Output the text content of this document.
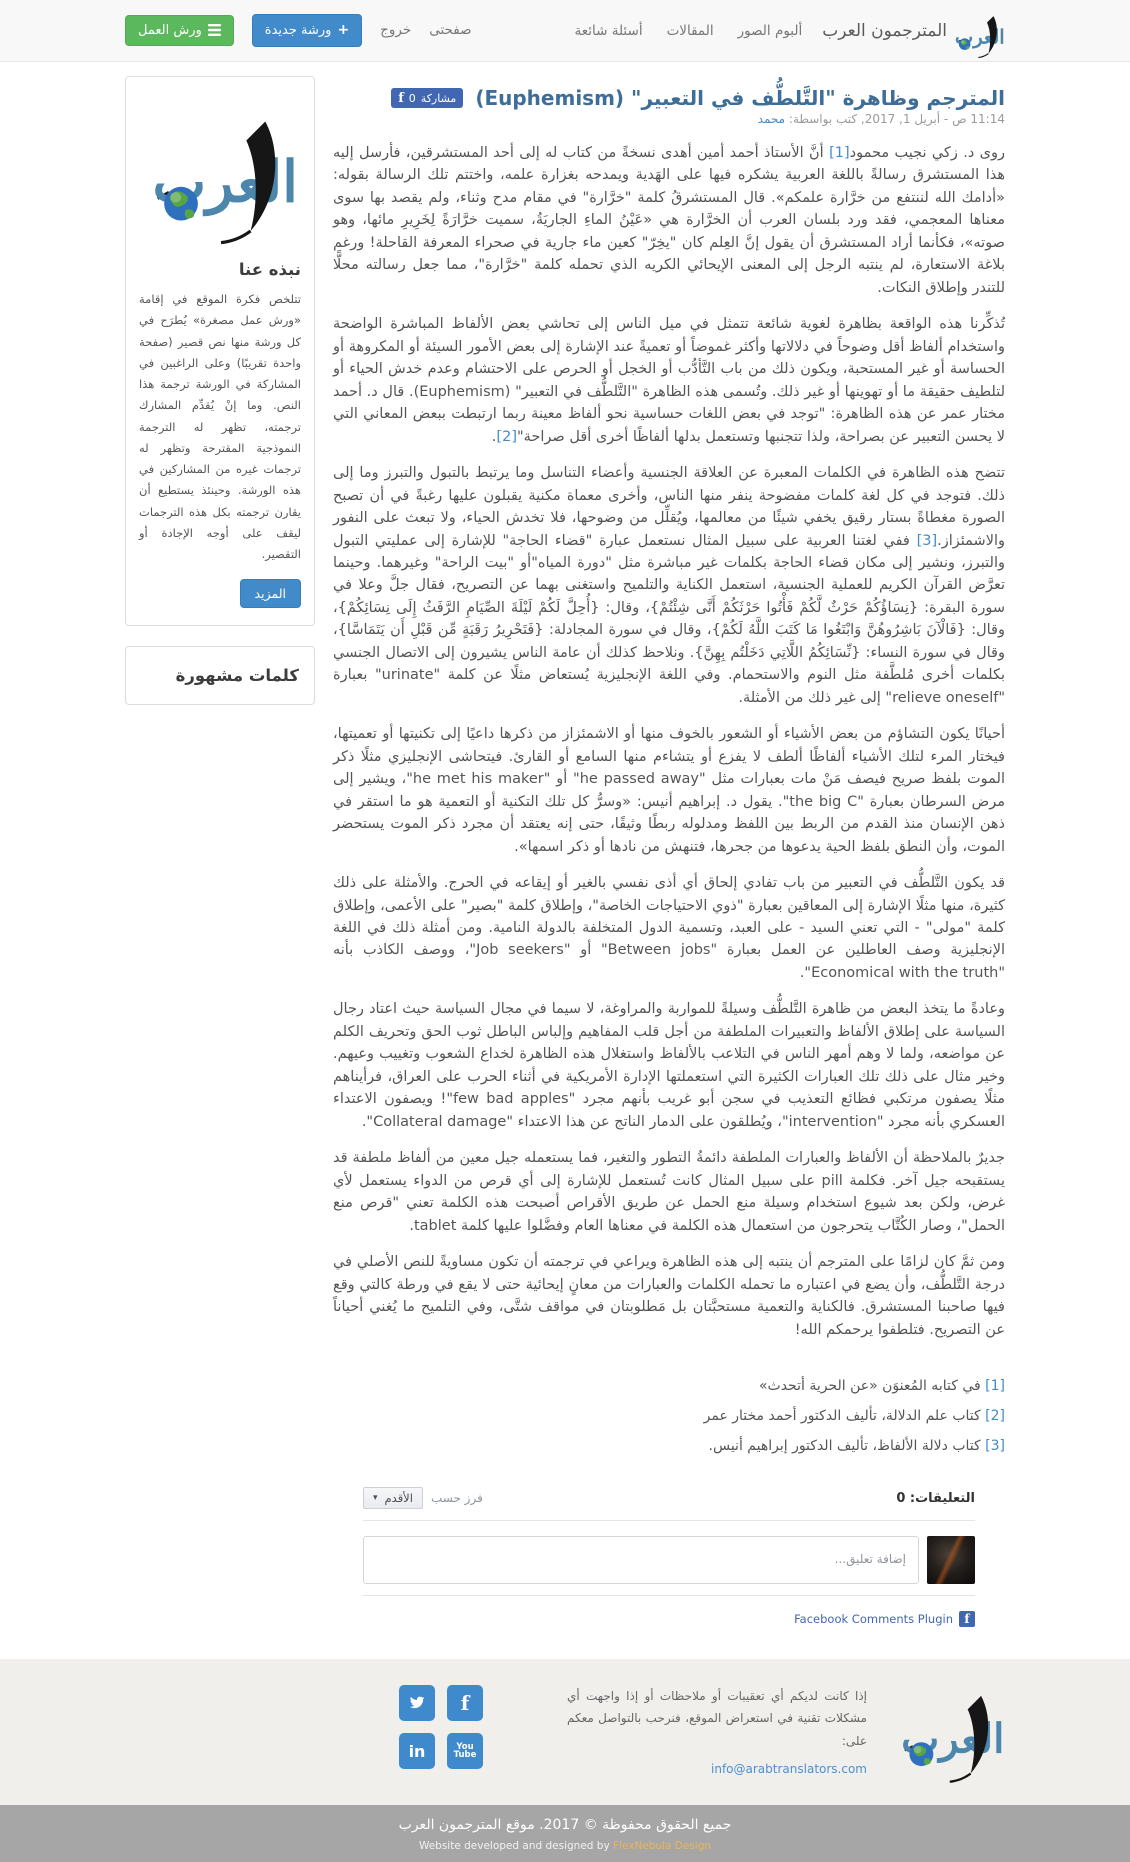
المترجمون العرب
ألبوم الصور
المقالات
أسئلة شائعة
صفحتى
خروج
+
ورشة جديدة
ورش العمل
المترجم وظاهرة "التَّلطُّف في التعبير" (Euphemism)
مشاركة
0
f
11:14 ص - أبريل 1, 2017, كتب بواسطة: محمد

روى د. زكي نجيب محمود[1] أنَّ الأستاذ أحمد أمين أهدى نسخةً من كتاب له إلى أحد المستشرقين، فأرسل إليه هذا المستشرق رسالةً باللغة العربية يشكره فيها على الهَدية ويمدحه بغزارة علمه، واختتم تلك الرسالة بقوله: «أدامك الله لننتفع من خرَّارة علمكم». قال المستشرقُ كلمة "خرَّارة" في مقام مدح وثناء، ولم يقصد بها سوى معناها المعجمي، فقد ورد بلسان العرب أن الخرَّارة هي «عَيْنُ الماءِ الجاريَةُ، سميت خرَّارَةً لِخَرِيرِ مائها، وهو صوته»، فكأنما أراد المستشرق أن يقول إنَّ العِلم كان "يخِرّ" كعين ماء جارية في صحراء المعرفة القاحلة! ورغم بلاغة الاستعارة، لم ينتبه الرجل إلى المعنى الإيحائي الكريه الذي تحمله كلمة "خرَّارة"، مما جعل رسالته محلًّا للتندر وإطلاق النكات.

تُذكِّرنا هذه الواقعة بظاهرة لغوية شائعة تتمثل في ميل الناس إلى تحاشي بعض الألفاظ المباشرة الواضحة واستخدام ألفاظ أقل وضوحاً في دلالاتها وأكثر غموضاً أو تعميةً عند الإشارة إلى بعض الأمور السيئة أو المكروهة أو الحساسة أو غير المستحبة، ويكون ذلك من باب التَّأدُّب أو الخجل أو الحرص على الاحتشام وعدم خدش الحياء أو لتلطيف حقيقة ما أو تهوينها أو غير ذلك. وتُسمى هذه الظاهرة "التَّلطُّف في التعبير" (Euphemism). قال د. أحمد مختار عمر عن هذه الظاهرة: "توجد في بعض اللغات حساسية نحو ألفاظ معينة ربما ارتبطت ببعض المعاني التي لا يحسن التعبير عن بصراحة، ولذا تتجنبها وتستعمل بدلها ألفاظًا أخرى أقل صراحة"[2].

تتضح هذه الظاهرة في الكلمات المعبرة عن العلاقة الجنسية وأعضاء التناسل وما يرتبط بالتبول والتبرز وما إلى ذلك. فتوجد في كل لغة كلمات مفضوحة ينفر منها الناس، وأخرى معماة مكنية يقبلون عليها رغبةً في أن تصبح الصورة مغطاةً بستار رقيق يخفي شيئًا من معالمها، ويُقلِّل من وضوحها، فلا تخدش الحياء، ولا تبعث على النفور والاشمئزاز.[3] ففي لغتنا العربية على سبيل المثال نستعمل عبارة "قضاء الحاجة" للإشارة إلى عمليتي التبول والتبرز، ونشير إلى مكان قضاء الحاجة بكلمات غير مباشرة مثل "دورة المياه"أو "بيت الراحة" وغيرهما. وحينما تعرَّض القرآن الكريم للعملية الجنسية، استعمل الكناية والتلميح واستغنى بهما عن التصريح، فقال جلَّ وعلا في سورة البقرة: {نِسَاؤُكُمْ حَرْثٌ لَّكُمْ فَأْتُوا حَرْثَكُمْ أَنَّى شِئْتُمْ}، وقال: {أُحِلَّ لَكُمْ لَيْلَةَ الصِّيَامِ الرَّفَثُ إِلَى نِسَائِكُمْ}، وقال: {فَالْآنَ بَاشِرُوهُنَّ وَابْتَغُوا مَا كَتَبَ اللَّهُ لَكُمْ}، وقال في سورة المجادلة: {فَتَحْرِيرُ رَقَبَةٍ مِّن قَبْلِ أَن يَتَمَاسَّا}، وقال في سورة النساء: {نِّسَائِكُمُ اللَّاتِي دَخَلْتُم بِهِنَّ}. ونلاحظ كذلك أن عامة الناس يشيرون إلى الاتصال الجنسي بكلمات أخرى مُلطَّفة مثل النوم والاستحمام. وفي اللغة الإنجليزية يُستعاض مثلًا عن كلمة "urinate" بعبارة "relieve oneself" إلى غير ذلك من الأمثلة.

أحيانًا يكون التشاؤم من بعض الأشياء أو الشعور بالخوف منها أو الاشمئزاز من ذكرها داعيًا إلى تكنيتها أو تعميتها، فيختار المرء لتلك الأشياء ألفاظًا ألطف لا يفزع أو يتشاءم منها السامع أو القارئ. فيتحاشى الإنجليزي مثلًا ذكر الموت بلفظ صريح فيصف مَنْ مات بعبارات مثل "he passed away" أو "he met his maker"، ويشير إلى مرض السرطان بعبارة "the big C". يقول د. إبراهيم أنيس: «وسرُّ كل تلك التكنية أو التعمية هو ما استقر في ذهن الإنسان منذ القدم من الربط بين اللفظ ومدلوله ربطًا وثيقًا، حتى إنه يعتقد أن مجرد ذكر الموت يستحضر الموت، وأن النطق بلفظ الحية يدعوها من جحرها، فتنهش من نادها أو ذكر اسمها».

قد يكون التَّلطُّف في التعبير من باب تفادي إلحاق أي أذى نفسي بالغير أو إيقاعه في الحرج. والأمثلة على ذلك كثيرة، منها مثلًا الإشارة إلى المعاقين بعبارة "ذوي الاحتياجات الخاصة"، وإطلاق كلمة "بصير" على الأعمى، وإطلاق كلمة "مولى" - التي تعني السيد - على العبد، وتسمية الدول المتخلفة بالدولة النامية. ومن أمثلة ذلك في اللغة الإنجليزية وصف العاطلين عن العمل بعبارة "Between jobs" أو "Job seekers"، ووصف الكاذب بأنه "Economical with the truth".

وعادةً ما يتخذ البعض من ظاهرة التَّلطُّف وسيلةً للمواربة والمراوغة، لا سيما في مجال السياسة حيث اعتاد رجال السياسة على إطلاق الألفاظ والتعبيرات الملطفة من أجل قلب المفاهيم وإلباس الباطل ثوب الحق وتحريف الكلم عن مواضعه، ولما لا وهم أمهر الناس في التلاعب بالألفاظ واستغلال هذه الظاهرة لخداع الشعوب وتغييب وعيهم. وخير مثال على ذلك تلك العبارات الكثيرة التي استعملتها الإدارة الأمريكية في أثناء الحرب على العراق، فرأيناهم مثلًا يصفون مرتكبي فظائع التعذيب في سجن أبو غريب بأنهم مجرد "few bad apples"! ويصفون الاعتداء العسكري بأنه مجرد "intervention"، ويُطلقون على الدمار الناتج عن هذا الاعتداء "Collateral damage".

جديرٌ بالملاحظة أن الألفاظ والعبارات الملطفة دائمةُ التطور والتغير، فما يستعمله جيل معين من ألفاظ ملطفة قد يستقبحه جيل آخر. فكلمة pill على سبيل المثال كانت تُستعمل للإشارة إلى أي قرص من الدواء يستعمل لأي غرض، ولكن بعد شيوع استخدام وسيلة منع الحمل عن طريق الأقراص أصبحت هذه الكلمة تعني "قرص منع الحمل"، وصار الكُتَّاب يتحرجون من استعمال هذه الكلمة في معناها العام وفضَّلوا عليها كلمة tablet.

ومن ثمَّ كان لزامًا على المترجم أن ينتبه إلى هذه الظاهرة ويراعي في ترجمته أن تكون مساويةً للنص الأصلي في درجة التَّلطُّف، وأن يضع في اعتباره ما تحمله الكلمات والعبارات من معانٍ إيحائية حتى لا يقع في ورطة كالتي وقع فيها صاحبنا المستشرق. فالكناية والتعمية مستحبَّتان بل مَطلوبتان في مواقف شتَّى، وفي التلميح ما يُغني أحياناً عن التصريح. فتلطفوا يرحمكم الله!

[1] في كتابه المُعنوَن «عن الحرية أتحدث»
[2] كتاب علم الدلالة، تأليف الدكتور أحمد مختار عمر
[3] كتاب دلالة الألفاظ، تأليف الدكتور إبراهيم أنيس.
التعليقات: 0
فرز حسب
الأقدم
▾
إضافة تعليق...
f
Facebook Comments Plugin
نبذه عنا

تتلخص فكرة الموقع في إقامة «ورش عمل مصغرة» يُطرَح في كل ورشة منها نص قصير (صفحة واحدة تقريبًا) وعلى الراغبين في المشاركة في الورشة ترجمة هذا النص. وما إنْ يُقدِّم المشارك ترجمته، تظهر له الترجمة النموذجية المقترحة وتظهر له ترجمات غيره من المشاركين في هذه الورشة. وحينئذ يستطيع أن يقارن ترجمته بكل هذه الترجمات ليقف على أوجه الإجادة أو التقصير.

المزيد
كلمات مشهورة

إذا كانت لديكم أي تعقيبات أو ملاحظات أو إذا واجهت أي مشكلات تقنية في استعراض الموقع، فنرحب بالتواصل معكم على:

info@arabtranslators.com
f
in	You
Tube
جميع الحقوق محفوظة © 2017. موقع المترجمون العرب
Website developed and designed by FlexNebula Design
